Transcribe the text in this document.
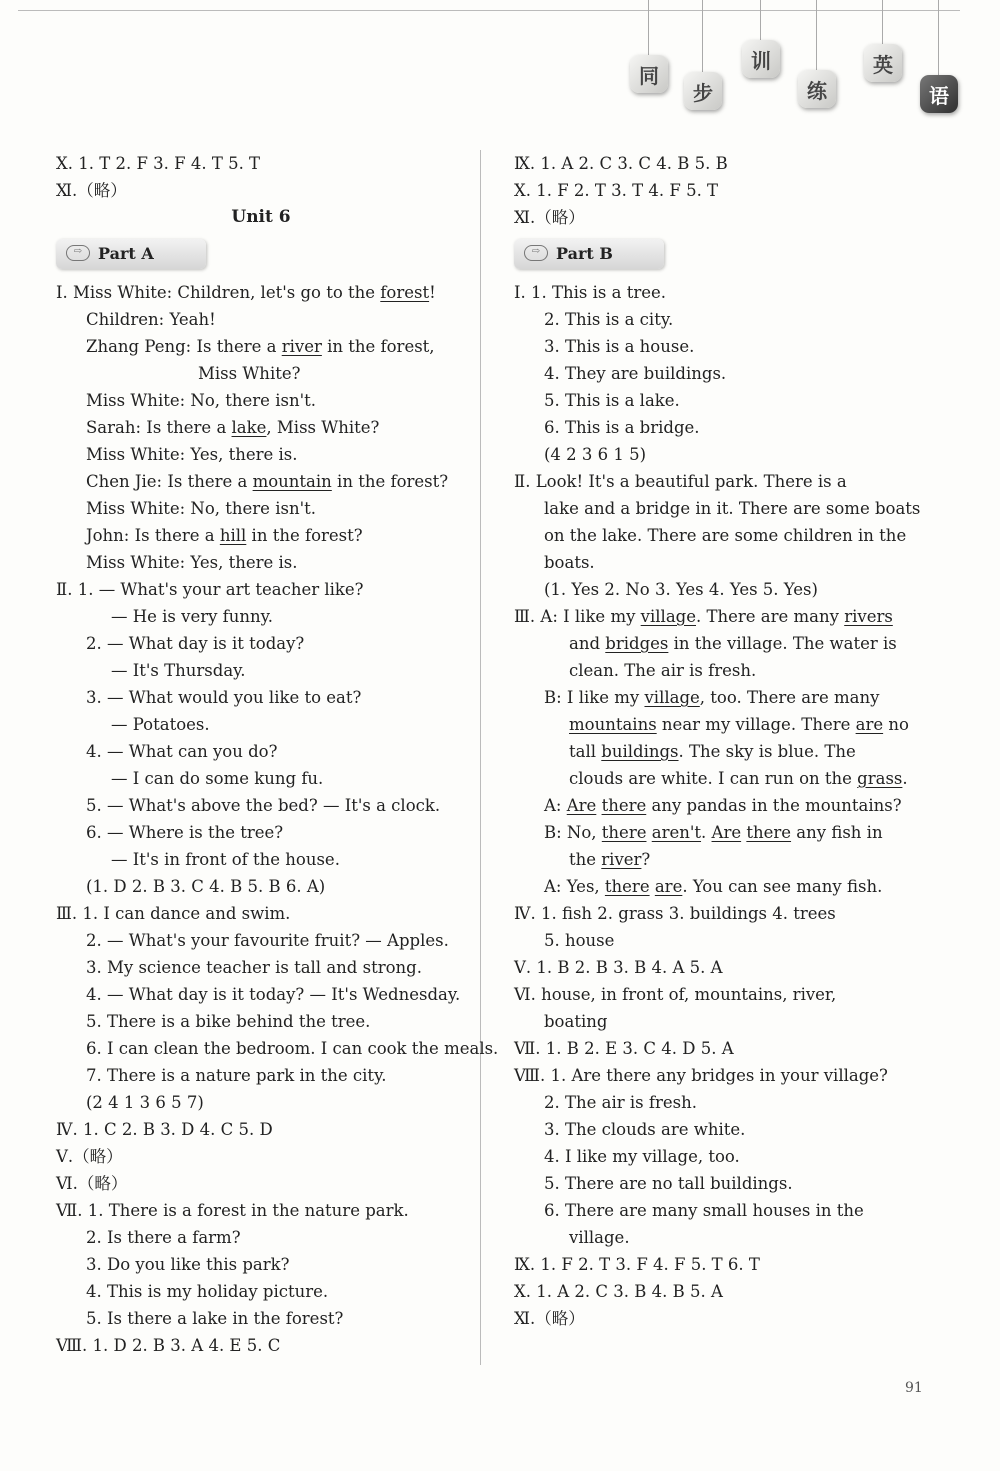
同
步
训
练
英
语
Ⅹ. 1. T 2. F 3. F 4. T 5. T
Ⅺ.（略）
Unit 6
⇨ Part A
Ⅰ. Miss White: Children, let's go to the forest!
Children: Yeah!
Zhang Peng: Is there a river in the forest,
Miss White?
Miss White: No, there isn't.
Sarah: Is there a lake, Miss White?
Miss White: Yes, there is.
Chen Jie: Is there a mountain in the forest?
Miss White: No, there isn't.
John: Is there a hill in the forest?
Miss White: Yes, there is.
Ⅱ. 1. — What's your art teacher like?
— He is very funny.
2. — What day is it today?
— It's Thursday.
3. — What would you like to eat?
— Potatoes.
4. — What can you do?
— I can do some kung fu.
5. — What's above the bed? — It's a clock.
6. — Where is the tree?
— It's in front of the house.
(1. D 2. B 3. C 4. B 5. B 6. A)
Ⅲ. 1. I can dance and swim.
2. — What's your favourite fruit? — Apples.
3. My science teacher is tall and strong.
4. — What day is it today? — It's Wednesday.
5. There is a bike behind the tree.
6. I can clean the bedroom. I can cook the meals.
7. There is a nature park in the city.
(2 4 1 3 6 5 7)
Ⅳ. 1. C 2. B 3. D 4. C 5. D
Ⅴ.（略）
Ⅵ.（略）
Ⅶ. 1. There is a forest in the nature park.
2. Is there a farm?
3. Do you like this park?
4. This is my holiday picture.
5. Is there a lake in the forest?
Ⅷ. 1. D 2. B 3. A 4. E 5. C
Ⅸ. 1. A 2. C 3. C 4. B 5. B
Ⅹ. 1. F 2. T 3. T 4. F 5. T
Ⅺ.（略）
⇨ Part B
Ⅰ. 1. This is a tree.
2. This is a city.
3. This is a house.
4. They are buildings.
5. This is a lake.
6. This is a bridge.
(4 2 3 6 1 5)
Ⅱ. Look! It's a beautiful park. There is a
lake and a bridge in it. There are some boats
on the lake. There are some children in the
boats.
(1. Yes 2. No 3. Yes 4. Yes 5. Yes)
Ⅲ. A: I like my village. There are many rivers
and bridges in the village. The water is
clean. The air is fresh.
B: I like my village, too. There are many
mountains near my village. There are no
tall buildings. The sky is blue. The
clouds are white. I can run on the grass.
A: Are there any pandas in the mountains?
B: No, there aren't. Are there any fish in
the river?
A: Yes, there are. You can see many fish.
Ⅳ. 1. fish 2. grass 3. buildings 4. trees
5. house
Ⅴ. 1. B 2. B 3. B 4. A 5. A
Ⅵ. house, in front of, mountains, river,
boating
Ⅶ. 1. B 2. E 3. C 4. D 5. A
Ⅷ. 1. Are there any bridges in your village?
2. The air is fresh.
3. The clouds are white.
4. I like my village, too.
5. There are no tall buildings.
6. There are many small houses in the
village.
Ⅸ. 1. F 2. T 3. F 4. F 5. T 6. T
Ⅹ. 1. A 2. C 3. B 4. B 5. A
Ⅺ.（略）
91
